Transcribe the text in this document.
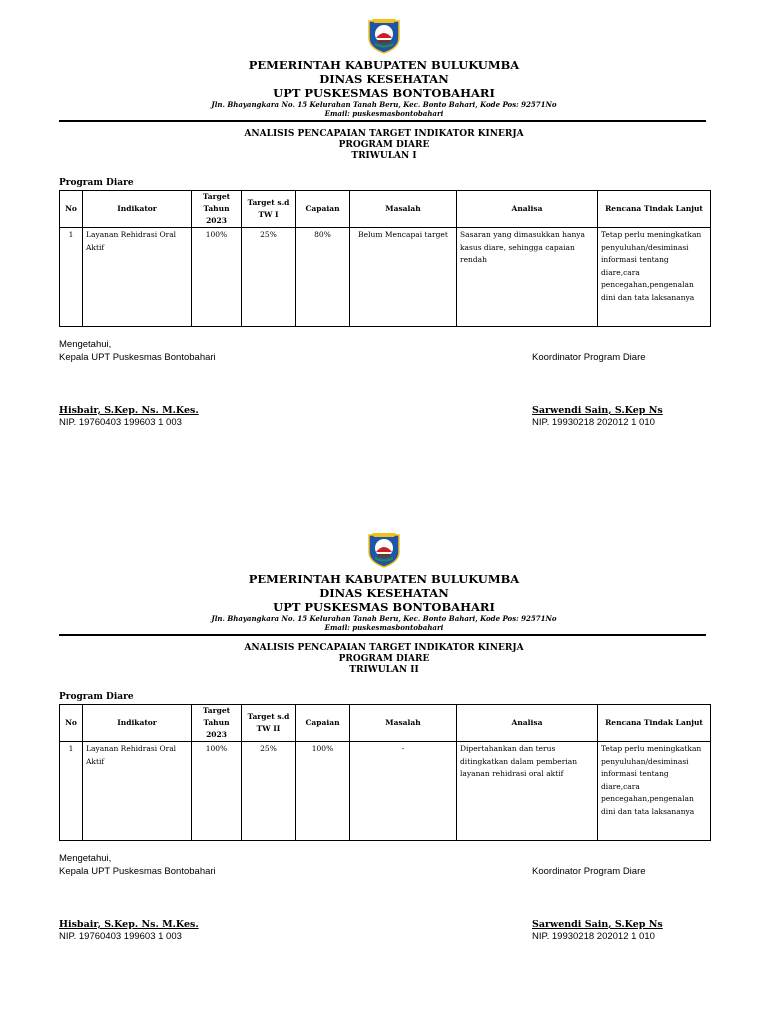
PEMERINTAH KABUPATEN BULUKUMBA
DINAS KESEHATAN
UPT PUSKESMAS BONTOBAHARI
Jln. Bhayangkara No. 15 Kelurahan Tanah Beru, Kec. Bonto Bahari, Kode Pos: 92571No
Email: puskesmasbontobahari
ANALISIS PENCAPAIAN TARGET INDIKATOR KINERJA
PROGRAM DIARE
TRIWULAN I
Program Diare
No	Indikator	Target Tahun 2023	Target s.d TW I	Capaian	Masalah	Analisa	Rencana Tindak Lanjut
1	Layanan Rehidrasi Oral Aktif	100%	25%	80%	Belum Mencapai target	Sasaran yang dimasukkan hanya kasus diare, sehingga capaian rendah	Tetap perlu meningkatkan penyuluhan/desiminasi informasi tentang diare,cara pencegahan,pengenalan dini dan tata laksananya
Mengetahui,
Kepala UPT Puskesmas Bontobahari	Koordinator Program Diare
Hisbair, S.Kep. Ns. M.Kes.
NIP. 19760403 199603 1 003
Sarwendi Sain, S.Kep Ns
NIP. 19930218 202012 1 010
PEMERINTAH KABUPATEN BULUKUMBA
DINAS KESEHATAN
UPT PUSKESMAS BONTOBAHARI
Jln. Bhayangkara No. 15 Kelurahan Tanah Beru, Kec. Bonto Bahari, Kode Pos: 92571No
Email: puskesmasbontobahari
ANALISIS PENCAPAIAN TARGET INDIKATOR KINERJA
PROGRAM DIARE
TRIWULAN II
Program Diare
No	Indikator	Target Tahun 2023	Target s.d TW II	Capaian	Masalah	Analisa	Rencana Tindak Lanjut
1	Layanan Rehidrasi Oral Aktif	100%	25%	100%	-	Dipertahankan dan terus ditingkatkan dalam pemberian layanan rehidrasi oral aktif	Tetap perlu meningkatkan penyuluhan/desiminasi informasi tentang diare,cara pencegahan,pengenalan dini dan tata laksananya
Mengetahui,
Kepala UPT Puskesmas Bontobahari	Koordinator Program Diare
Hisbair, S.Kep. Ns. M.Kes.
NIP. 19760403 199603 1 003
Sarwendi Sain, S.Kep Ns
NIP. 19930218 202012 1 010
